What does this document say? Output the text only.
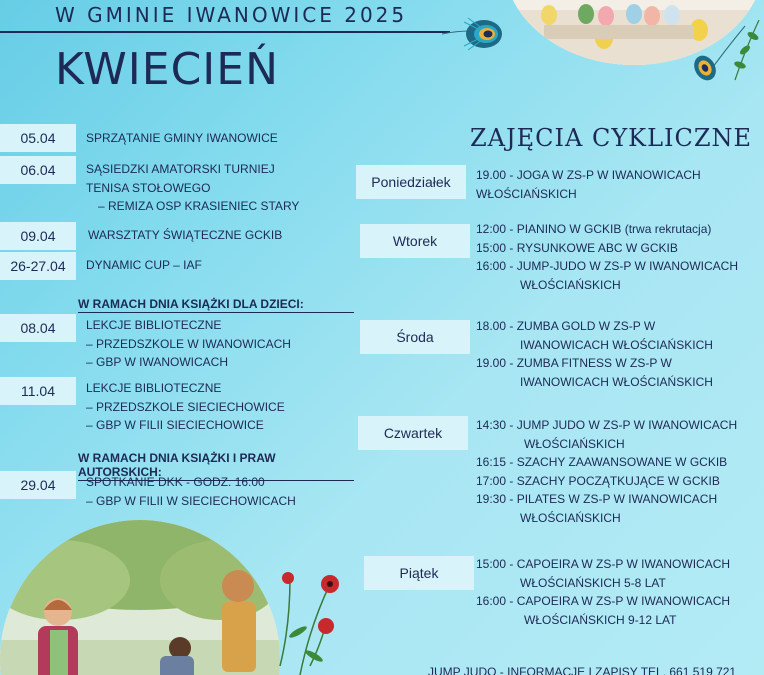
W GMINIE IWANOWICE 2025
KWIECIEŃ
05.04	SPRZĄTANIE GMINY IWANOWICE
06.04	SĄSIEDZKI AMATORSKI TURNIEJ
TENISA STOŁOWEGO
– REMIZA OSP KRASIENIEC STARY
09.04	WARSZTATY ŚWIĄTECZNE GCKIB
26-27.04	DYNAMIC CUP – IAF
W RAMACH DNIA KSIĄŻKI DLA DZIECI:
08.04	LEKCJE BIBLIOTECZNE
– PRZEDSZKOLE W IWANOWICACH
– GBP W IWANOWICACH
11.04	LEKCJE BIBLIOTECZNE
– PRZEDSZKOLE SIECIECHOWICE
– GBP W FILII SIECIECHOWICE
W RAMACH DNIA KSIĄŻKI I PRAW AUTORSKICH:
29.04	SPOTKANIE DKK - GODZ. 16:00
– GBP W FILII W SIECIECHOWICACH
ZAJĘCIA CYKLICZNE
Poniedziałek	19.00 - JOGA W ZS-P W IWANOWICACH
WŁOŚCIAŃSKICH
Wtorek
12:00 - PIANINO W GCKIB (trwa rekrutacja)
15:00 - RYSUNKOWE ABC W GCKIB
16:00 - JUMP-JUDO W ZS-P W IWANOWICACH
WŁOŚCIAŃSKICH
Środa
18.00 - ZUMBA GOLD W ZS-P W
IWANOWICACH WŁOŚCIAŃSKICH
19.00 - ZUMBA FITNESS W ZS-P W
IWANOWICACH WŁOŚCIAŃSKICH
Czwartek	14:30 - JUMP JUDO W ZS-P W IWANOWICACH
WŁOŚCIAŃSKICH
16:15 - SZACHY ZAAWANSOWANE W GCKIB
17:00 - SZACHY POCZĄTKUJĄCE W GCKIB
19:30 - PILATES W ZS-P W IWANOWICACH
WŁOŚCIAŃSKICH
Piątek
15:00 - CAPOEIRA W ZS-P W IWANOWICACH
WŁOŚCIAŃSKICH 5-8 LAT
16:00 - CAPOEIRA W ZS-P W IWANOWICACH
WŁOŚCIAŃSKICH 9-12 LAT
JUMP JUDO - INFORMACJE I ZAPISY TEL. 661 519 721
